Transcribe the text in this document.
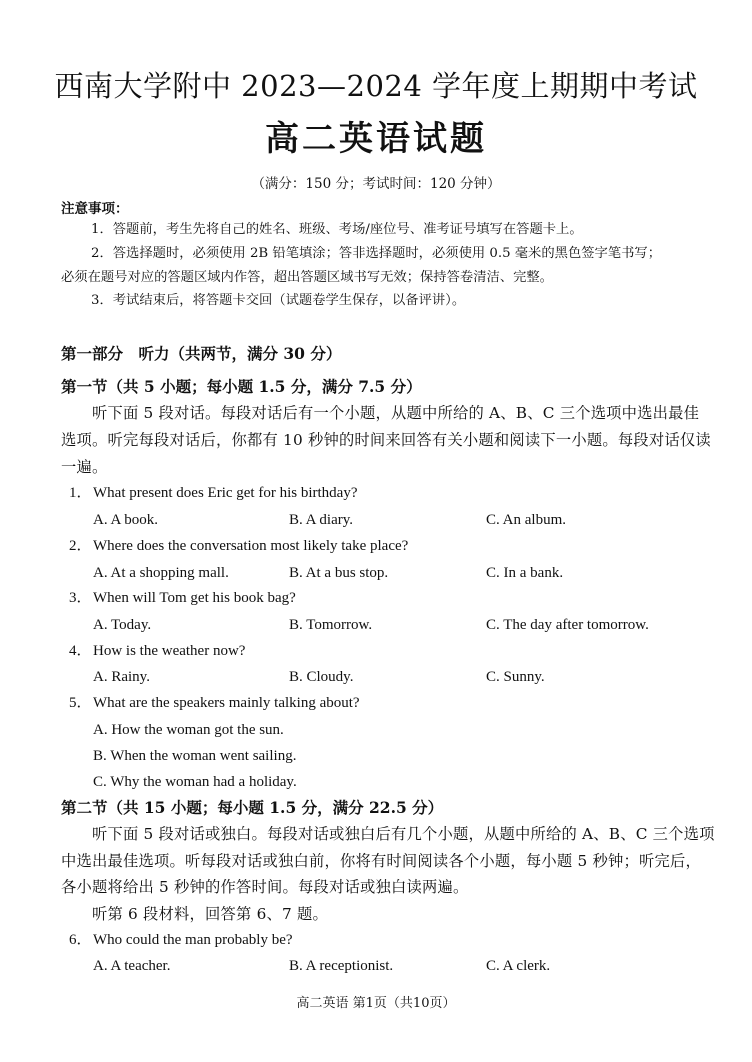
西南大学附中 2023—2024 学年度上期期中考试
高二英语试题
（满分：150 分；考试时间：120 分钟）
注意事项：
1．答题前，考生先将自己的姓名、班级、考场/座位号、准考证号填写在答题卡上。
2．答选择题时，必须使用 2B 铅笔填涂；答非选择题时，必须使用 0.5 毫米的黑色签字笔书写；
必须在题号对应的答题区域内作答，超出答题区域书写无效；保持答卷清洁、完整。
3．考试结束后，将答题卡交回（试题卷学生保存，以备评讲）。
第一部分　听力（共两节，满分 30 分）
第一节（共 5 小题；每小题 1.5 分，满分 7.5 分）
听下面 5 段对话。每段对话后有一个小题，从题中所给的 A、B、C 三个选项中选出最佳
选项。听完每段对话后，你都有 10 秒钟的时间来回答有关小题和阅读下一小题。每段对话仅读
一遍。
1． What present does Eric get for his birthday?
A. A book.	B. A diary.	C. An album.
2． Where does the conversation most likely take place?
A. At a shopping mall.	B. At a bus stop.	C. In a bank.
3． When will Tom get his book bag?
A. Today.	B. Tomorrow.	C. The day after tomorrow.
4． How is the weather now?
A. Rainy.	B. Cloudy.	C. Sunny.
5． What are the speakers mainly talking about?
A. How the woman got the sun.
B. When the woman went sailing.
C. Why the woman had a holiday.
第二节（共 15 小题；每小题 1.5 分，满分 22.5 分）
听下面 5 段对话或独白。每段对话或独白后有几个小题，从题中所给的 A、B、C 三个选项
中选出最佳选项。听每段对话或独白前，你将有时间阅读各个小题，每小题 5 秒钟；听完后，
各小题将给出 5 秒钟的作答时间。每段对话或独白读两遍。
听第 6 段材料，回答第 6、7 题。
6． Who could the man probably be?
A. A teacher.	B. A receptionist.	C. A clerk.
高二英语 第1页（共10页）
